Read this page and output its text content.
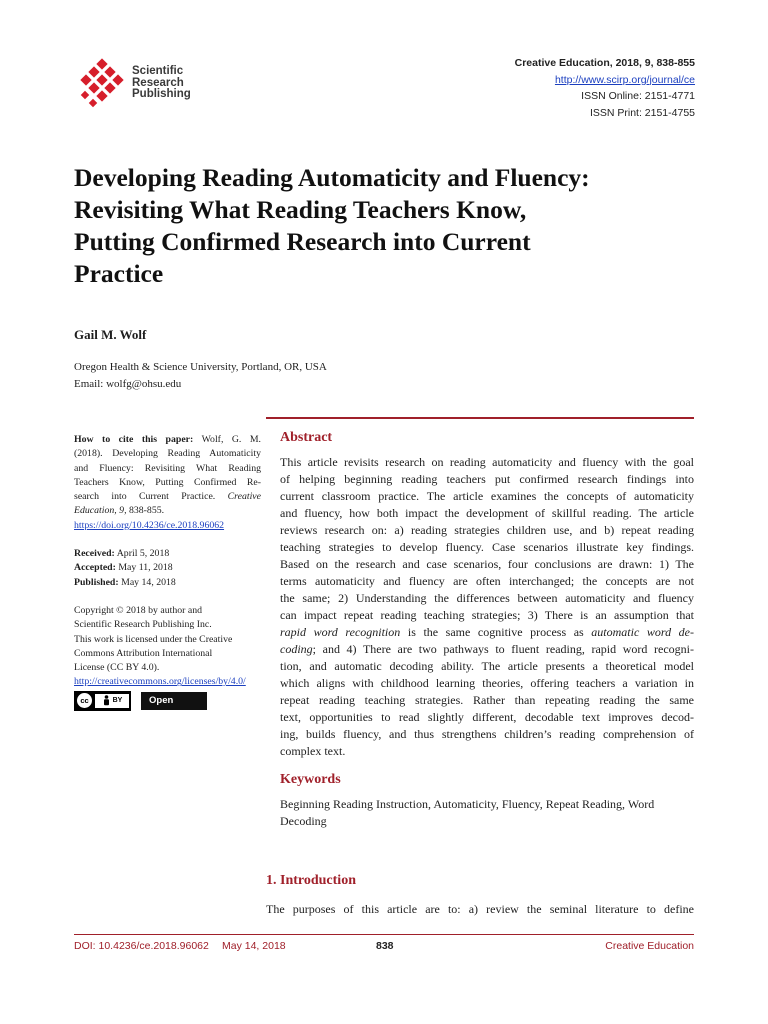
Scientific
Research
Publishing
Creative Education, 2018, 9, 838-855
http://www.scirp.org/journal/ce
ISSN Online: 2151-4771
ISSN Print: 2151-4755
Developing Reading Automaticity and Fluency:
Revisiting What Reading Teachers Know,
Putting Confirmed Research into Current
Practice
Gail M. Wolf
Oregon Health & Science University, Portland, OR, USA
Email: wolfg@ohsu.edu
How to cite this paper: Wolf, G. M.
(2018). Developing Reading Automaticity
and Fluency: Revisiting What Reading
Teachers Know, Putting Confirmed Re-
search into Current Practice. Creative
Education, 9, 838-855.
https://doi.org/10.4236/ce.2018.96062
Received: April 5, 2018
Accepted: May 11, 2018
Published: May 14, 2018
Copyright © 2018 by author and
Scientific Research Publishing Inc.
This work is licensed under the Creative
Commons Attribution International
License (CC BY 4.0).
http://creativecommons.org/licenses/by/4.0/
cc	BY	Open Access
Abstract
This article revisits research on reading automaticity and fluency with the goal
of helping beginning reading teachers put confirmed research findings into
current classroom practice. The article examines the concepts of automaticity
and fluency, how both impact the development of skillful reading. The article
reviews research on: a) reading strategies children use, and b) repeat reading
teaching strategies to develop fluency. Case scenarios illustrate key findings.
Based on the research and case scenarios, four conclusions are drawn: 1) The
terms automaticity and fluency are often interchanged; the concepts are not
the same; 2) Understanding the differences between automaticity and fluency
can impact repeat reading teaching strategies; 3) There is an assumption that
rapid word recognition is the same cognitive process as automatic word de-
coding; and 4) There are two pathways to fluent reading, rapid word recogni-
tion, and automatic decoding ability. The article presents a theoretical model
which aligns with childhood learning theories, offering teachers a variation in
repeat reading teaching strategies. Rather than repeating reading the same
text, opportunities to read slightly different, decodable text improves decod-
ing, builds fluency, and thus strengthens children’s reading comprehension of
complex text.
Keywords
Beginning Reading Instruction, Automaticity, Fluency, Repeat Reading, Word
Decoding
1. Introduction
The purposes of this article are to: a) review the seminal literature to define
DOI: 10.4236/ce.2018.96062 May 14, 2018	838	Creative Education
